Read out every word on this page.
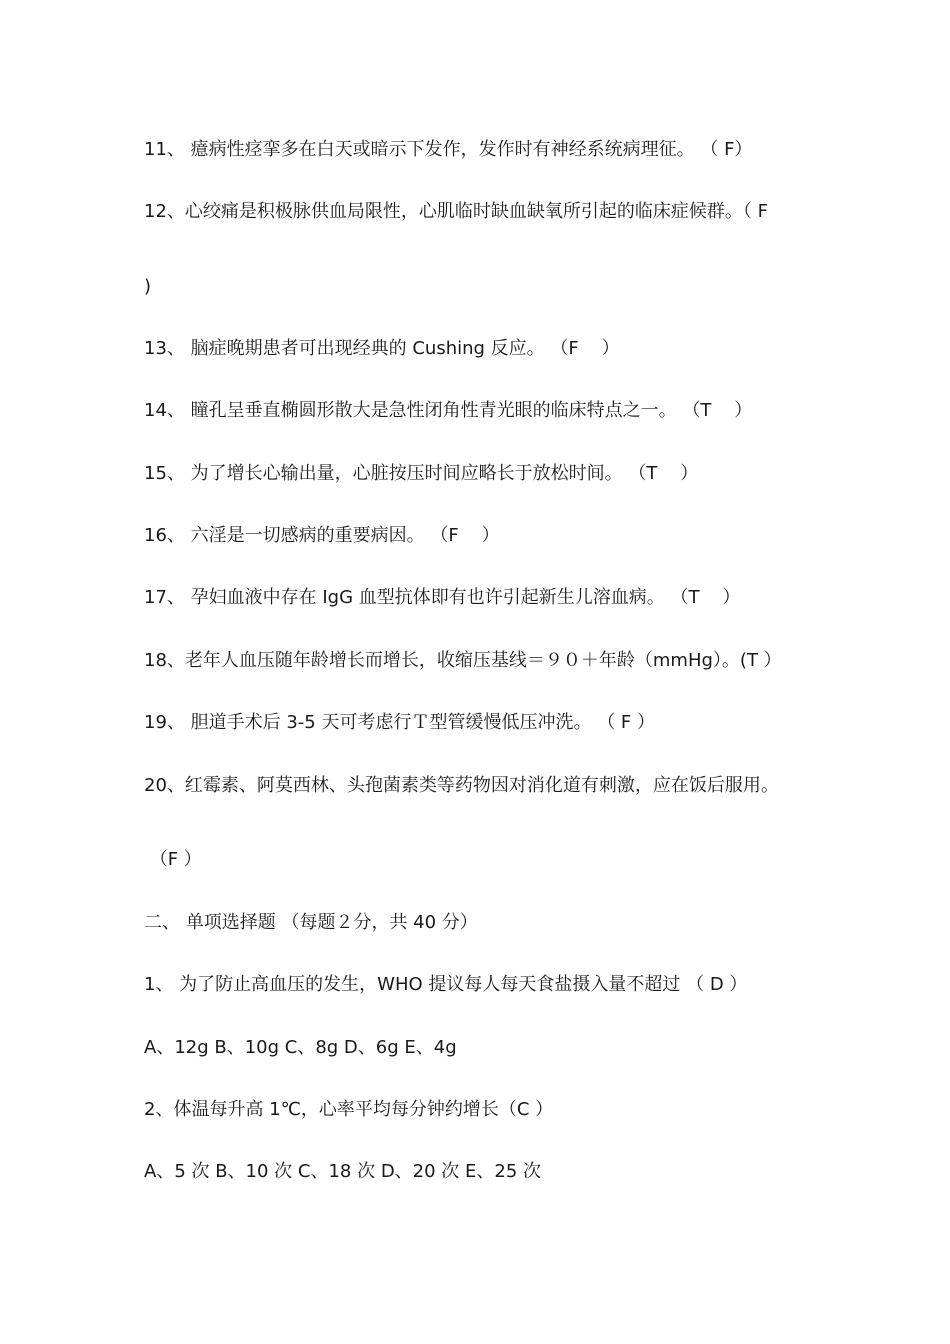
11、 癔病性痉挛多在白天或暗示下发作，发作时有神经系统病理征。 （ F）
12、心绞痛是积极脉供血局限性，心肌临时缺血缺氧所引起的临床症候群。（ F
)
13、 脑症晚期患者可出现经典的 Cushing 反应。 （F    ）
14、 瞳孔呈垂直椭圆形散大是急性闭角性青光眼的临床特点之一。 （T    ）
15、 为了增长心输出量，心脏按压时间应略长于放松时间。 （T    ）
16、 六淫是一切感病的重要病因。 （F    ）
17、 孕妇血液中存在 IgG 血型抗体即有也许引起新生儿溶血病。 （T    ）
18、老年人血压随年龄增长而增长，收缩压基线＝９０＋年龄（mmHg）。(T ）
19、 胆道手术后 3-5 天可考虑行Ｔ型管缓慢低压冲洗。 （ F ）
20、红霉素、阿莫西林、头孢菌素类等药物因对消化道有刺激，应在饭后服用。
（F ）
二、 单项选择题 （每题２分，共 40 分）
1、 为了防止高血压的发生，WHO 提议每人每天食盐摄入量不超过 （ D ）
A、12g B、10g C、8g D、6g E、4g
2、体温每升高 1℃，心率平均每分钟约增长（C ）
A、5 次 B、10 次 C、18 次 D、20 次 E、25 次
